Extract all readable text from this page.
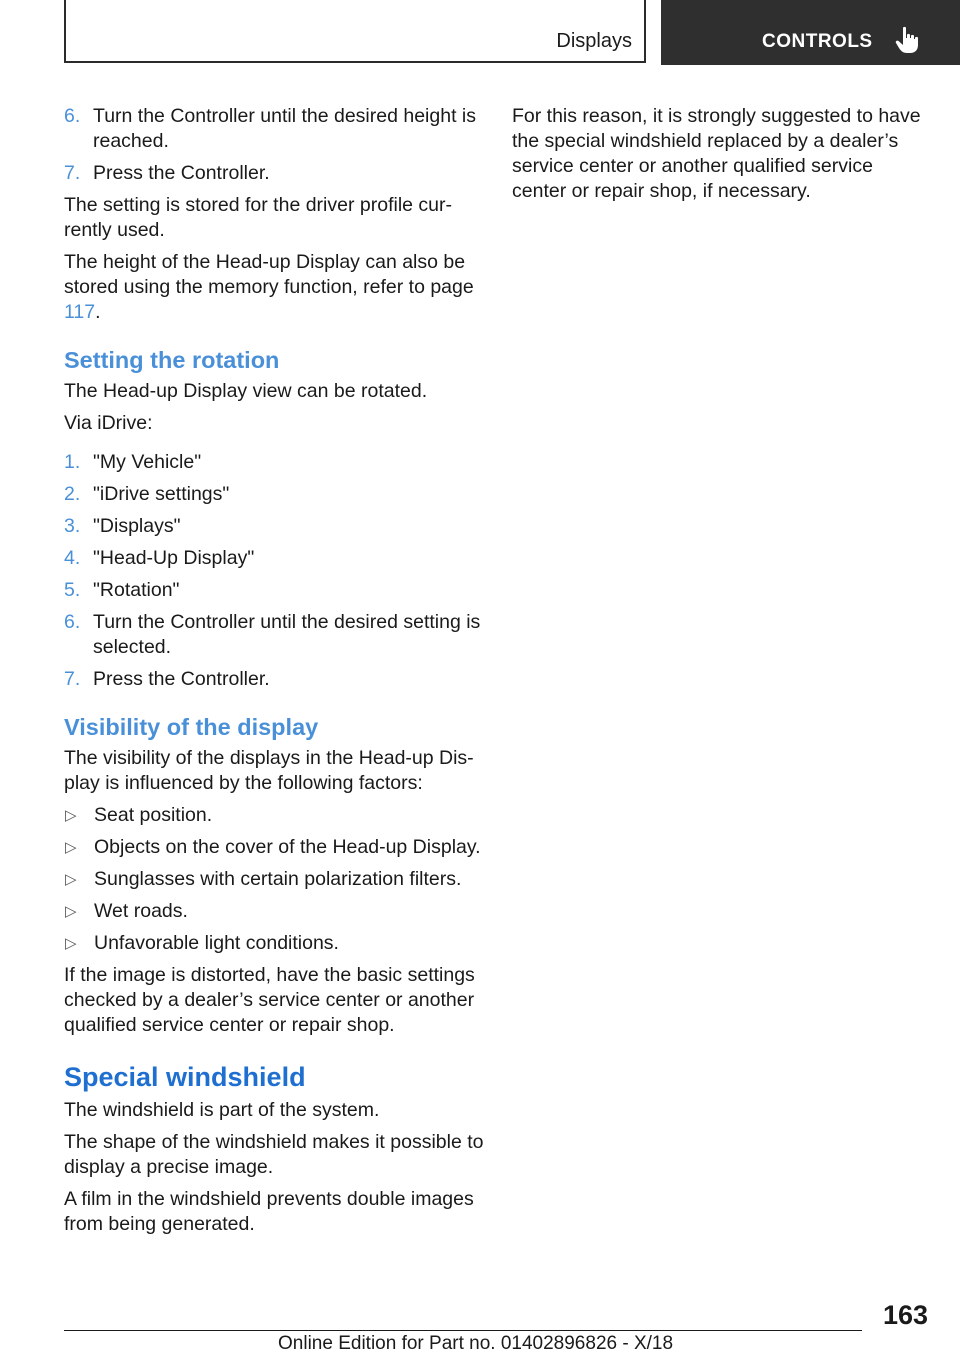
Displays	CONTROLS
6. Turn the Controller until the desired height is reached.
7. Press the Controller.

The setting is stored for the driver profile cur‐rently used.

The height of the Head-up Display can also be stored using the memory function, refer to page 117.

Setting the rotation

The Head-up Display view can be rotated.

Via iDrive:

1. "My Vehicle"
2. "iDrive settings"
3. "Displays"
4. "Head-Up Display"
5. "Rotation"
6. Turn the Controller until the desired setting is selected.
7. Press the Controller.
Visibility of the display

The visibility of the displays in the Head-up Dis‐play is influenced by the following factors:

▷ Seat position.
▷ Objects on the cover of the Head-up Display.
▷ Sunglasses with certain polarization filters.
▷ Wet roads.
▷ Unfavorable light conditions.

If the image is distorted, have the basic settings checked by a dealer’s service center or another qualified service center or repair shop.

Special windshield

The windshield is part of the system.

The shape of the windshield makes it possible to display a precise image.

A film in the windshield prevents double images from being generated.

For this reason, it is strongly suggested to have the special windshield replaced by a dealer’s service center or another qualified service center or repair shop, if necessary.

163
Online Edition for Part no. 01402896826 - X/18
